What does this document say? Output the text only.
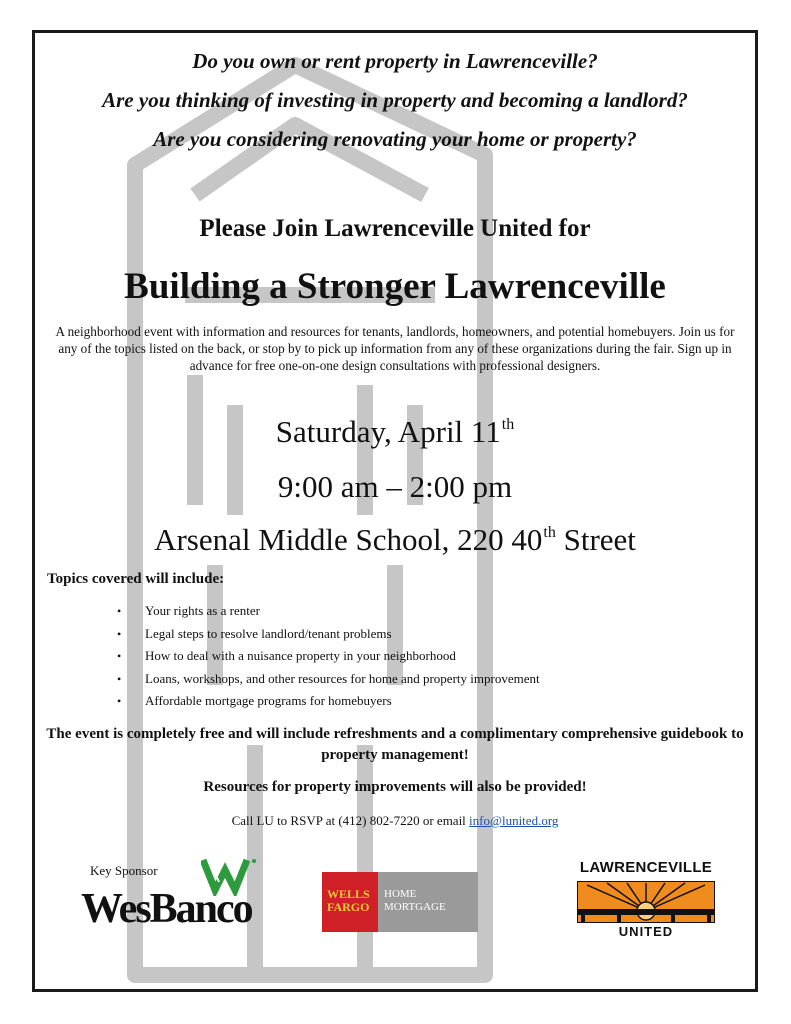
Do you own or rent property in Lawrenceville?
Are you thinking of investing in property and becoming a landlord?
Are you considering renovating your home or property?
Please Join Lawrenceville United for
Building a Stronger Lawrenceville
A neighborhood event with information and resources for tenants, landlords, homeowners, and potential homebuyers. Join us for any of the topics listed on the back, or stop by to pick up information from any of these organizations during the fair. Sign up in advance for free one-on-one design consultations with professional designers.
Saturday, April 11th
9:00 am – 2:00 pm
Arsenal Middle School, 220 40th Street
Topics covered will include:
• Your rights as a renter
• Legal steps to resolve landlord/tenant problems
• How to deal with a nuisance property in your neighborhood
• Loans, workshops, and other resources for home and property improvement
• Affordable mortgage programs for homebuyers
The event is completely free and will include refreshments and a complimentary comprehensive guidebook to property management!
Resources for property improvements will also be provided!
Call LU to RSVP at (412) 802-7220 or email info@lunited.org
Key Sponsor
WesBanco	WELLS
FARGO
HOME
MORTGAGE
LAWRENCEVILLE
UNITED
